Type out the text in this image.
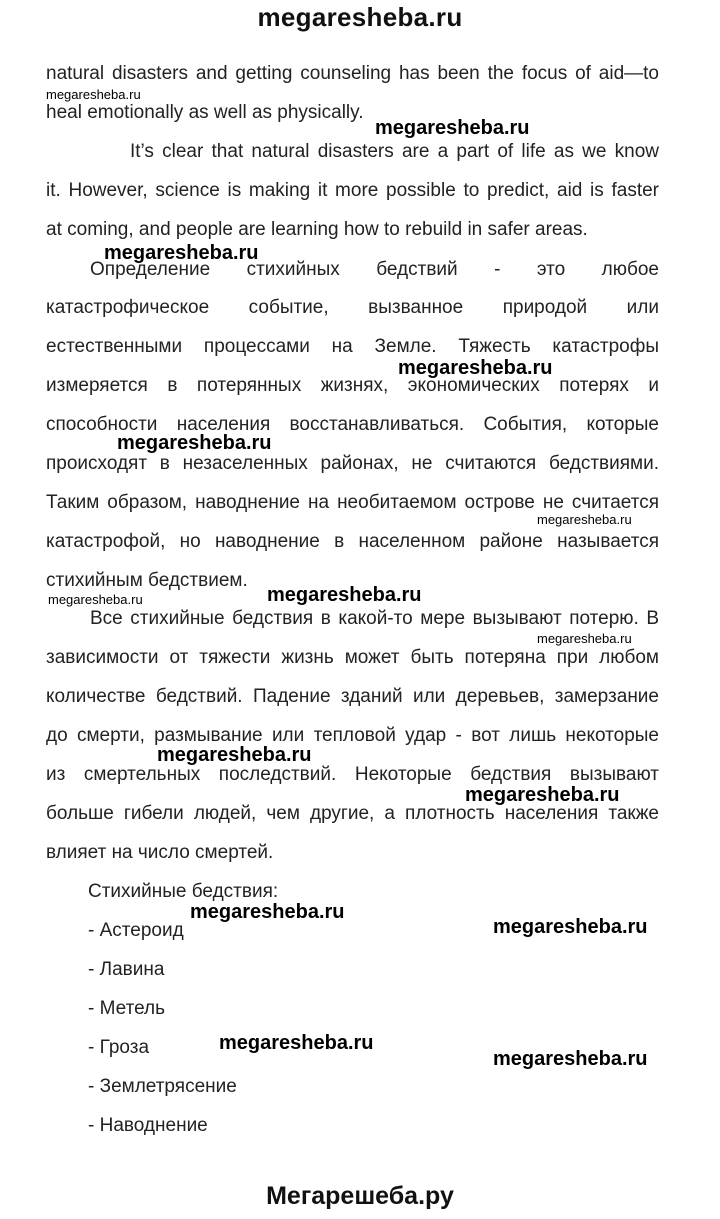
megaresheba.ru
natural disasters and getting counseling has been the focus of aid—to
heal emotionally as well as physically.
It’s clear that natural disasters are a part of life as we know
it. However, science is making it more possible to predict, aid is faster
at coming, and people are learning how to rebuild in safer areas.
Определение стихийных бедствий - это любое
катастрофическое событие, вызванное природой или
естественными процессами на Земле. Тяжесть катастрофы
измеряется в потерянных жизнях, экономических потерях и
способности населения восстанавливаться. События, которые
происходят в незаселенных районах, не считаются бедствиями.
Таким образом, наводнение на необитаемом острове не считается
катастрофой, но наводнение в населенном районе называется
стихийным бедствием.
Все стихийные бедствия в какой-то мере вызывают потерю. В
зависимости от тяжести жизнь может быть потеряна при любом
количестве бедствий. Падение зданий или деревьев, замерзание
до смерти, размывание или тепловой удар - вот лишь некоторые
из смертельных последствий. Некоторые бедствия вызывают
больше гибели людей, чем другие, а плотность населения также
влияет на число смертей.
Стихийные бедствия:
- Астероид
- Лавина
- Метель
- Гроза
- Землетрясение
- Наводнение
megaresheba.ru
megaresheba.ru
megaresheba.ru
megaresheba.ru
megaresheba.ru
megaresheba.ru
megaresheba.ru	megaresheba.ru
megaresheba.ru
megaresheba.ru
megaresheba.ru
megaresheba.ru
megaresheba.ru
megaresheba.ru
megaresheba.ru
Мегарешеба.ру
